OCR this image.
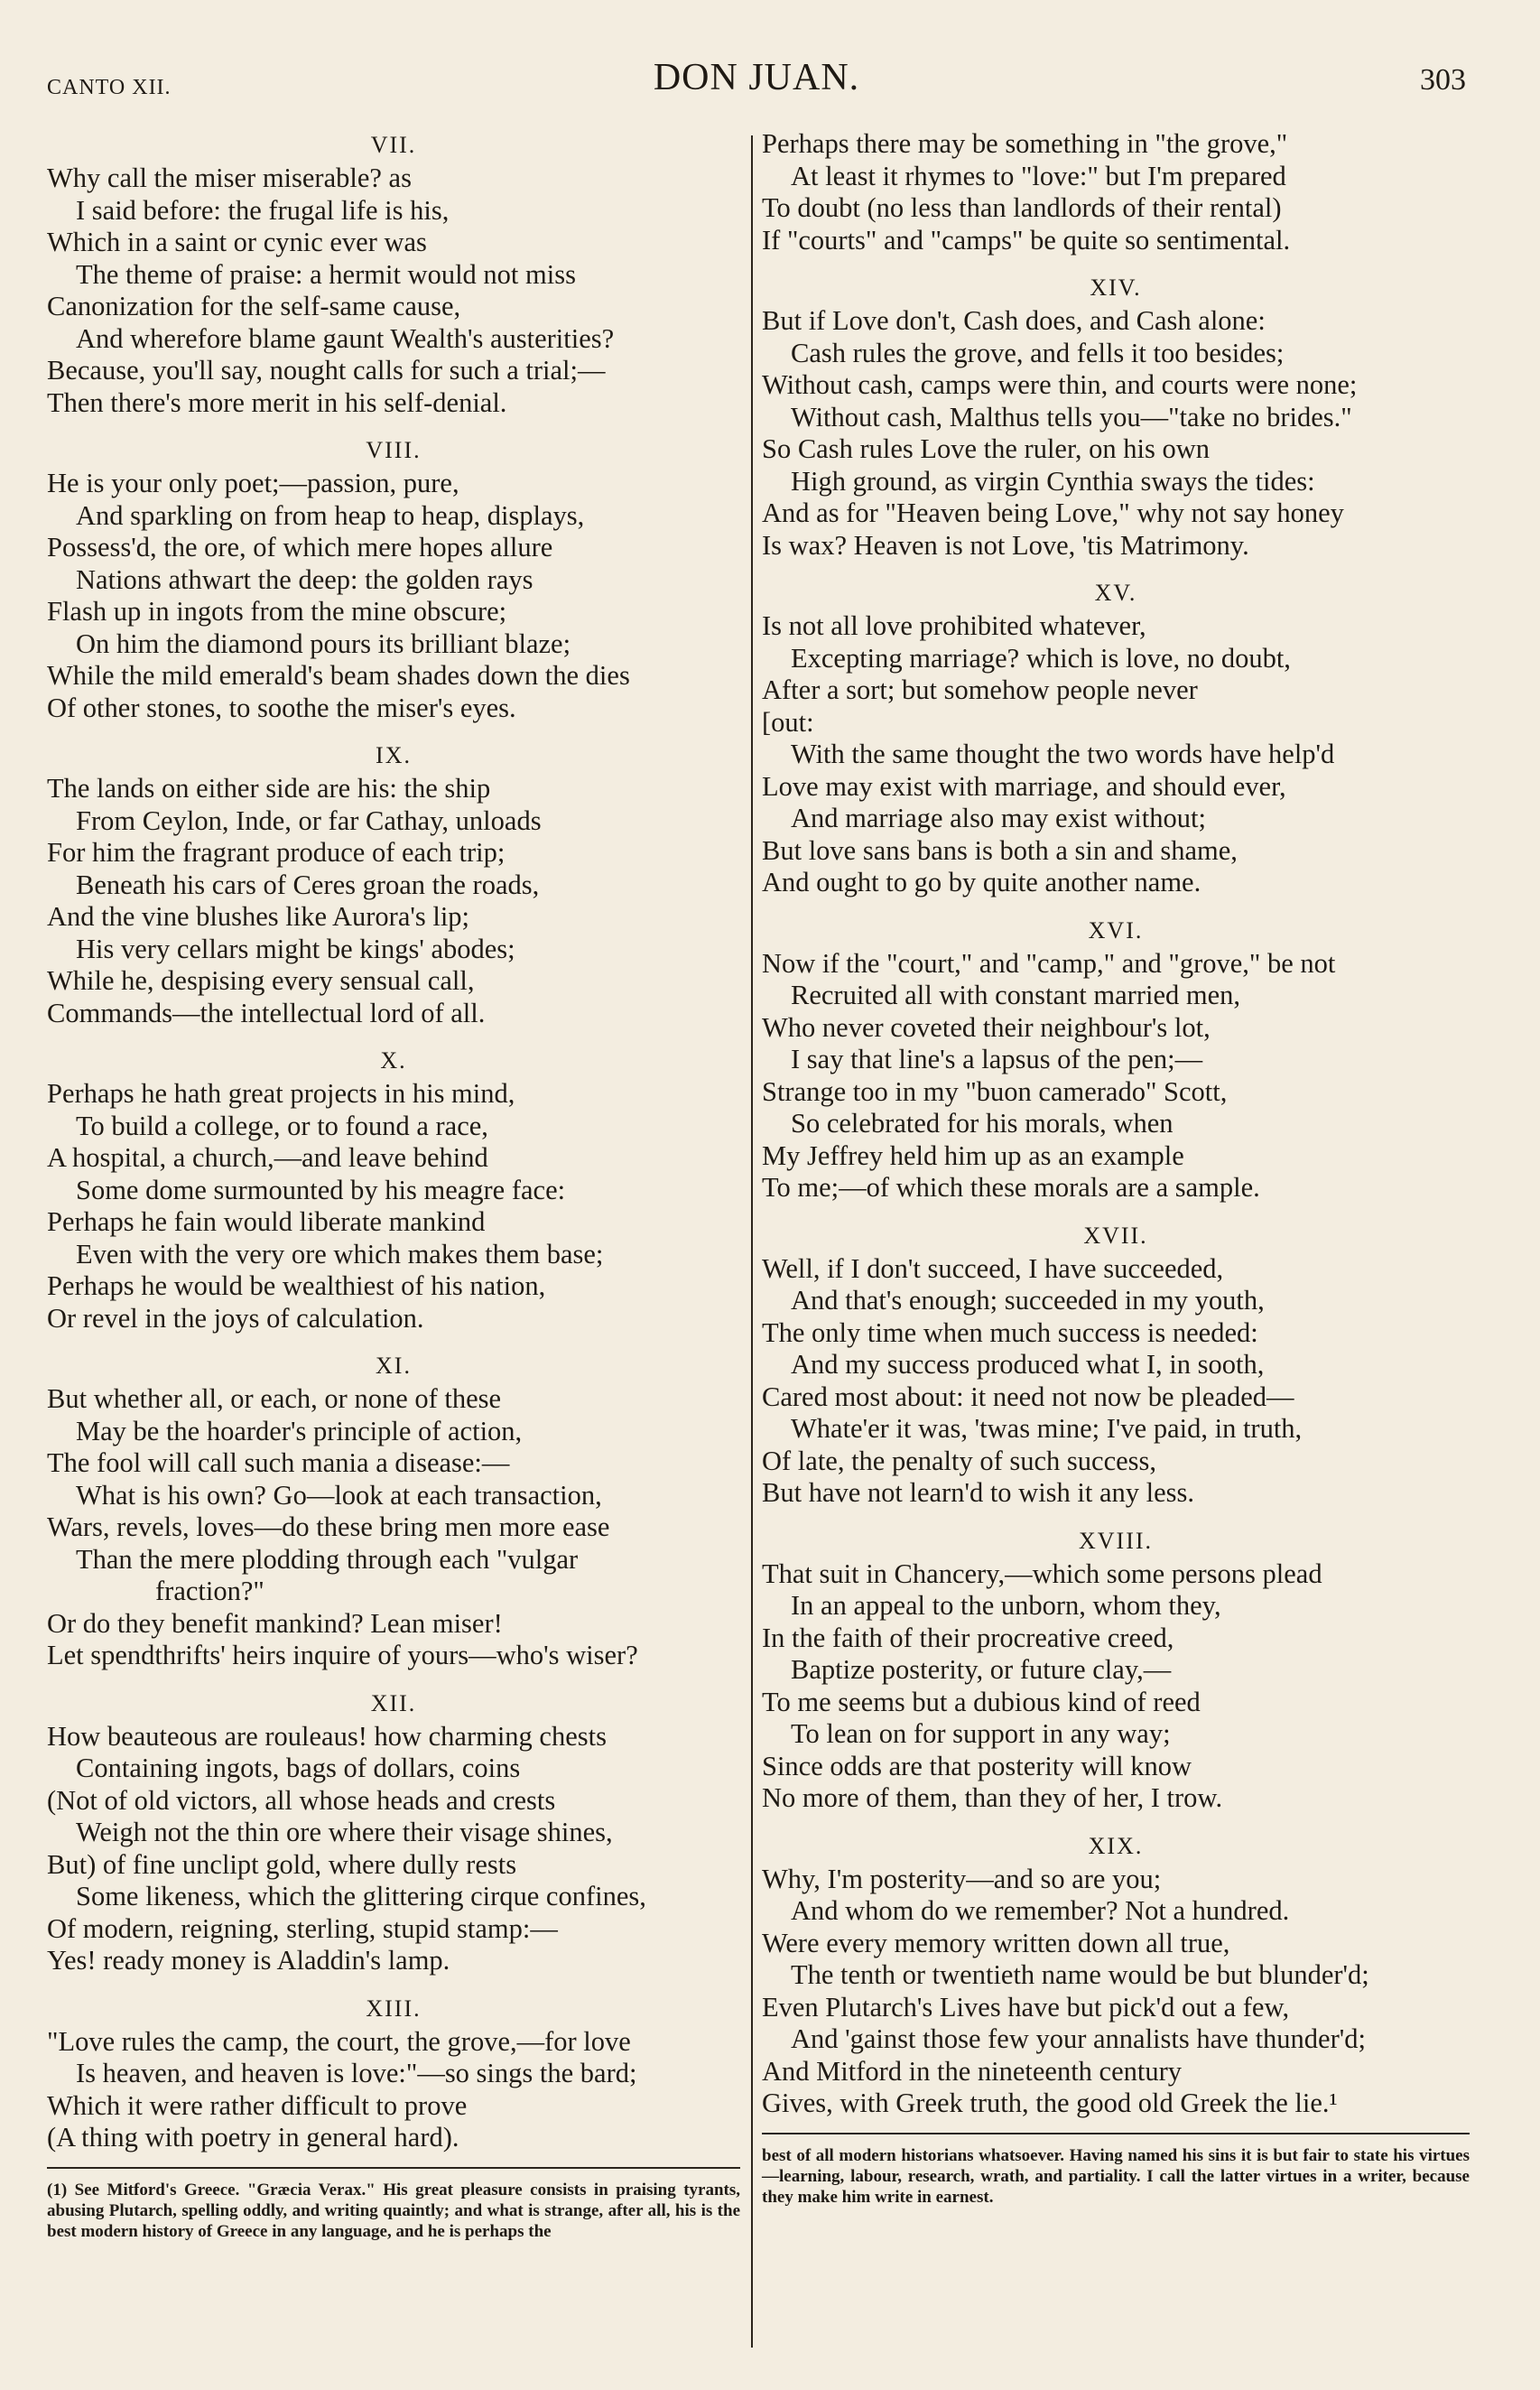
CANTO XII.	DON JUAN.	303
VII.
Why call the miser miserable? as
I said before: the frugal life is his,
Which in a saint or cynic ever was
The theme of praise: a hermit would not miss
Canonization for the self-same cause,
And wherefore blame gaunt Wealth's austerities?
Because, you'll say, nought calls for such a trial;—
Then there's more merit in his self-denial.
VIII.
He is your only poet;—passion, pure,
And sparkling on from heap to heap, displays,
Possess'd, the ore, of which mere hopes allure
Nations athwart the deep: the golden rays
Flash up in ingots from the mine obscure;
On him the diamond pours its brilliant blaze;
While the mild emerald's beam shades down the dies
Of other stones, to soothe the miser's eyes.
IX.
The lands on either side are his: the ship
From Ceylon, Inde, or far Cathay, unloads
For him the fragrant produce of each trip;
Beneath his cars of Ceres groan the roads,
And the vine blushes like Aurora's lip;
His very cellars might be kings' abodes;
While he, despising every sensual call,
Commands—the intellectual lord of all.
X.
Perhaps he hath great projects in his mind,
To build a college, or to found a race,
A hospital, a church,—and leave behind
Some dome surmounted by his meagre face:
Perhaps he fain would liberate mankind
Even with the very ore which makes them base;
Perhaps he would be wealthiest of his nation,
Or revel in the joys of calculation.
XI.
But whether all, or each, or none of these
May be the hoarder's principle of action,
The fool will call such mania a disease:—
What is his own? Go—look at each transaction,
Wars, revels, loves—do these bring men more ease
Than the mere plodding through each "vulgar
fraction?"
Or do they benefit mankind? Lean miser!
Let spendthrifts' heirs inquire of yours—who's wiser?
XII.
How beauteous are rouleaus! how charming chests
Containing ingots, bags of dollars, coins
(Not of old victors, all whose heads and crests
Weigh not the thin ore where their visage shines,
But) of fine unclipt gold, where dully rests
Some likeness, which the glittering cirque confines,
Of modern, reigning, sterling, stupid stamp:—
Yes! ready money is Aladdin's lamp.
XIII.
"Love rules the camp, the court, the grove,—for love
Is heaven, and heaven is love:"—so sings the bard;
Which it were rather difficult to prove
(A thing with poetry in general hard).
(1) See Mitford's Greece. "Græcia Verax." His great pleasure consists in praising tyrants, abusing Plutarch, spelling oddly, and writing quaintly; and what is strange, after all, his is the best modern history of Greece in any language, and he is perhaps the
Perhaps there may be something in "the grove,"
At least it rhymes to "love:" but I'm prepared
To doubt (no less than landlords of their rental)
If "courts" and "camps" be quite so sentimental.
XIV.
But if Love don't, Cash does, and Cash alone:
Cash rules the grove, and fells it too besides;
Without cash, camps were thin, and courts were none;
Without cash, Malthus tells you—"take no brides."
So Cash rules Love the ruler, on his own
High ground, as virgin Cynthia sways the tides:
And as for "Heaven being Love," why not say honey
Is wax? Heaven is not Love, 'tis Matrimony.
XV.
Is not all love prohibited whatever,
Excepting marriage? which is love, no doubt,
After a sort; but somehow people never
[out:
With the same thought the two words have help'd
Love may exist with marriage, and should ever,
And marriage also may exist without;
But love sans bans is both a sin and shame,
And ought to go by quite another name.
XVI.
Now if the "court," and "camp," and "grove," be not
Recruited all with constant married men,
Who never coveted their neighbour's lot,
I say that line's a lapsus of the pen;—
Strange too in my "buon camerado" Scott,
So celebrated for his morals, when
My Jeffrey held him up as an example
To me;—of which these morals are a sample.
XVII.
Well, if I don't succeed, I have succeeded,
And that's enough; succeeded in my youth,
The only time when much success is needed:
And my success produced what I, in sooth,
Cared most about: it need not now be pleaded—
Whate'er it was, 'twas mine; I've paid, in truth,
Of late, the penalty of such success,
But have not learn'd to wish it any less.
XVIII.
That suit in Chancery,—which some persons plead
In an appeal to the unborn, whom they,
In the faith of their procreative creed,
Baptize posterity, or future clay,—
To me seems but a dubious kind of reed
To lean on for support in any way;
Since odds are that posterity will know
No more of them, than they of her, I trow.
XIX.
Why, I'm posterity—and so are you;
And whom do we remember? Not a hundred.
Were every memory written down all true,
The tenth or twentieth name would be but blunder'd;
Even Plutarch's Lives have but pick'd out a few,
And 'gainst those few your annalists have thunder'd;
And Mitford in the nineteenth century
Gives, with Greek truth, the good old Greek the lie.¹
best of all modern historians whatsoever. Having named his sins it is but fair to state his virtues—learning, labour, research, wrath, and partiality. I call the latter virtues in a writer, because they make him write in earnest.
